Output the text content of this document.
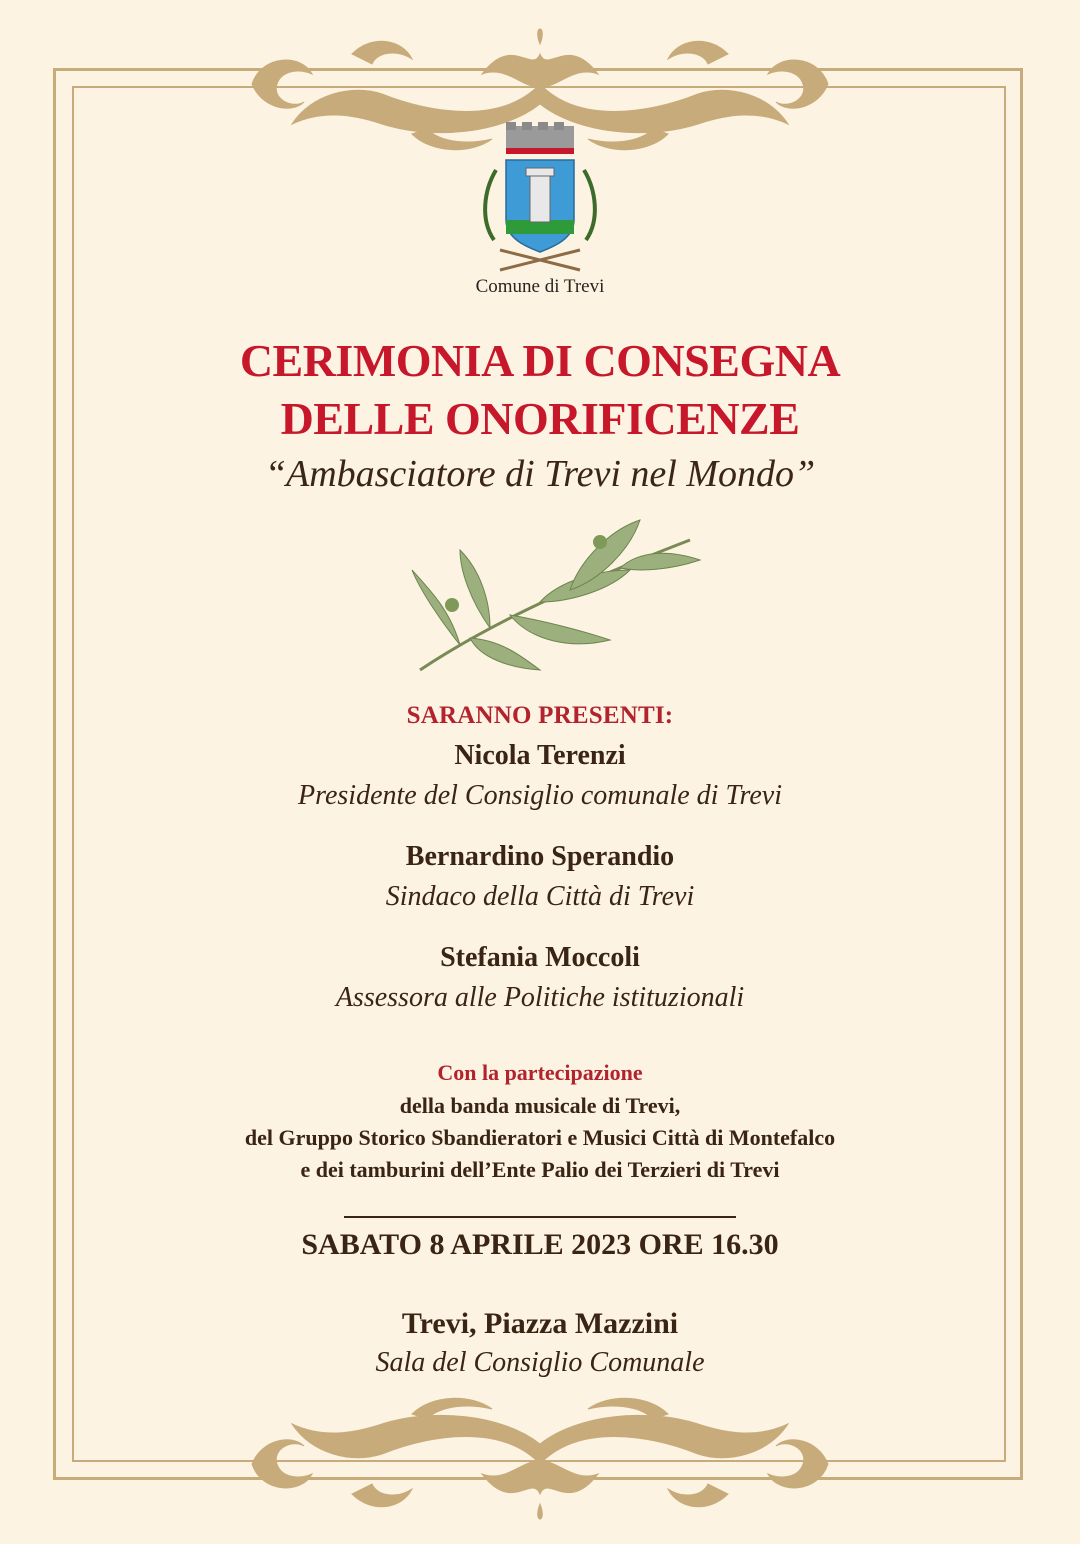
Comune di Trevi
CERIMONIA DI CONSEGNA
DELLE ONORIFICENZE
“Ambasciatore di Trevi nel Mondo”
SARANNO PRESENTI:
Nicola Terenzi
Presidente del Consiglio comunale di Trevi
Bernardino Sperandio
Sindaco della Città di Trevi
Stefania Moccoli
Assessora alle Politiche istituzionali
Con la partecipazione
della banda musicale di Trevi,
del Gruppo Storico Sbandieratori e Musici Città di Montefalco
e dei tamburini dell’Ente Palio dei Terzieri di Trevi
SABATO 8 APRILE 2023 ORE 16.30
Trevi, Piazza Mazzini
Sala del Consiglio Comunale
